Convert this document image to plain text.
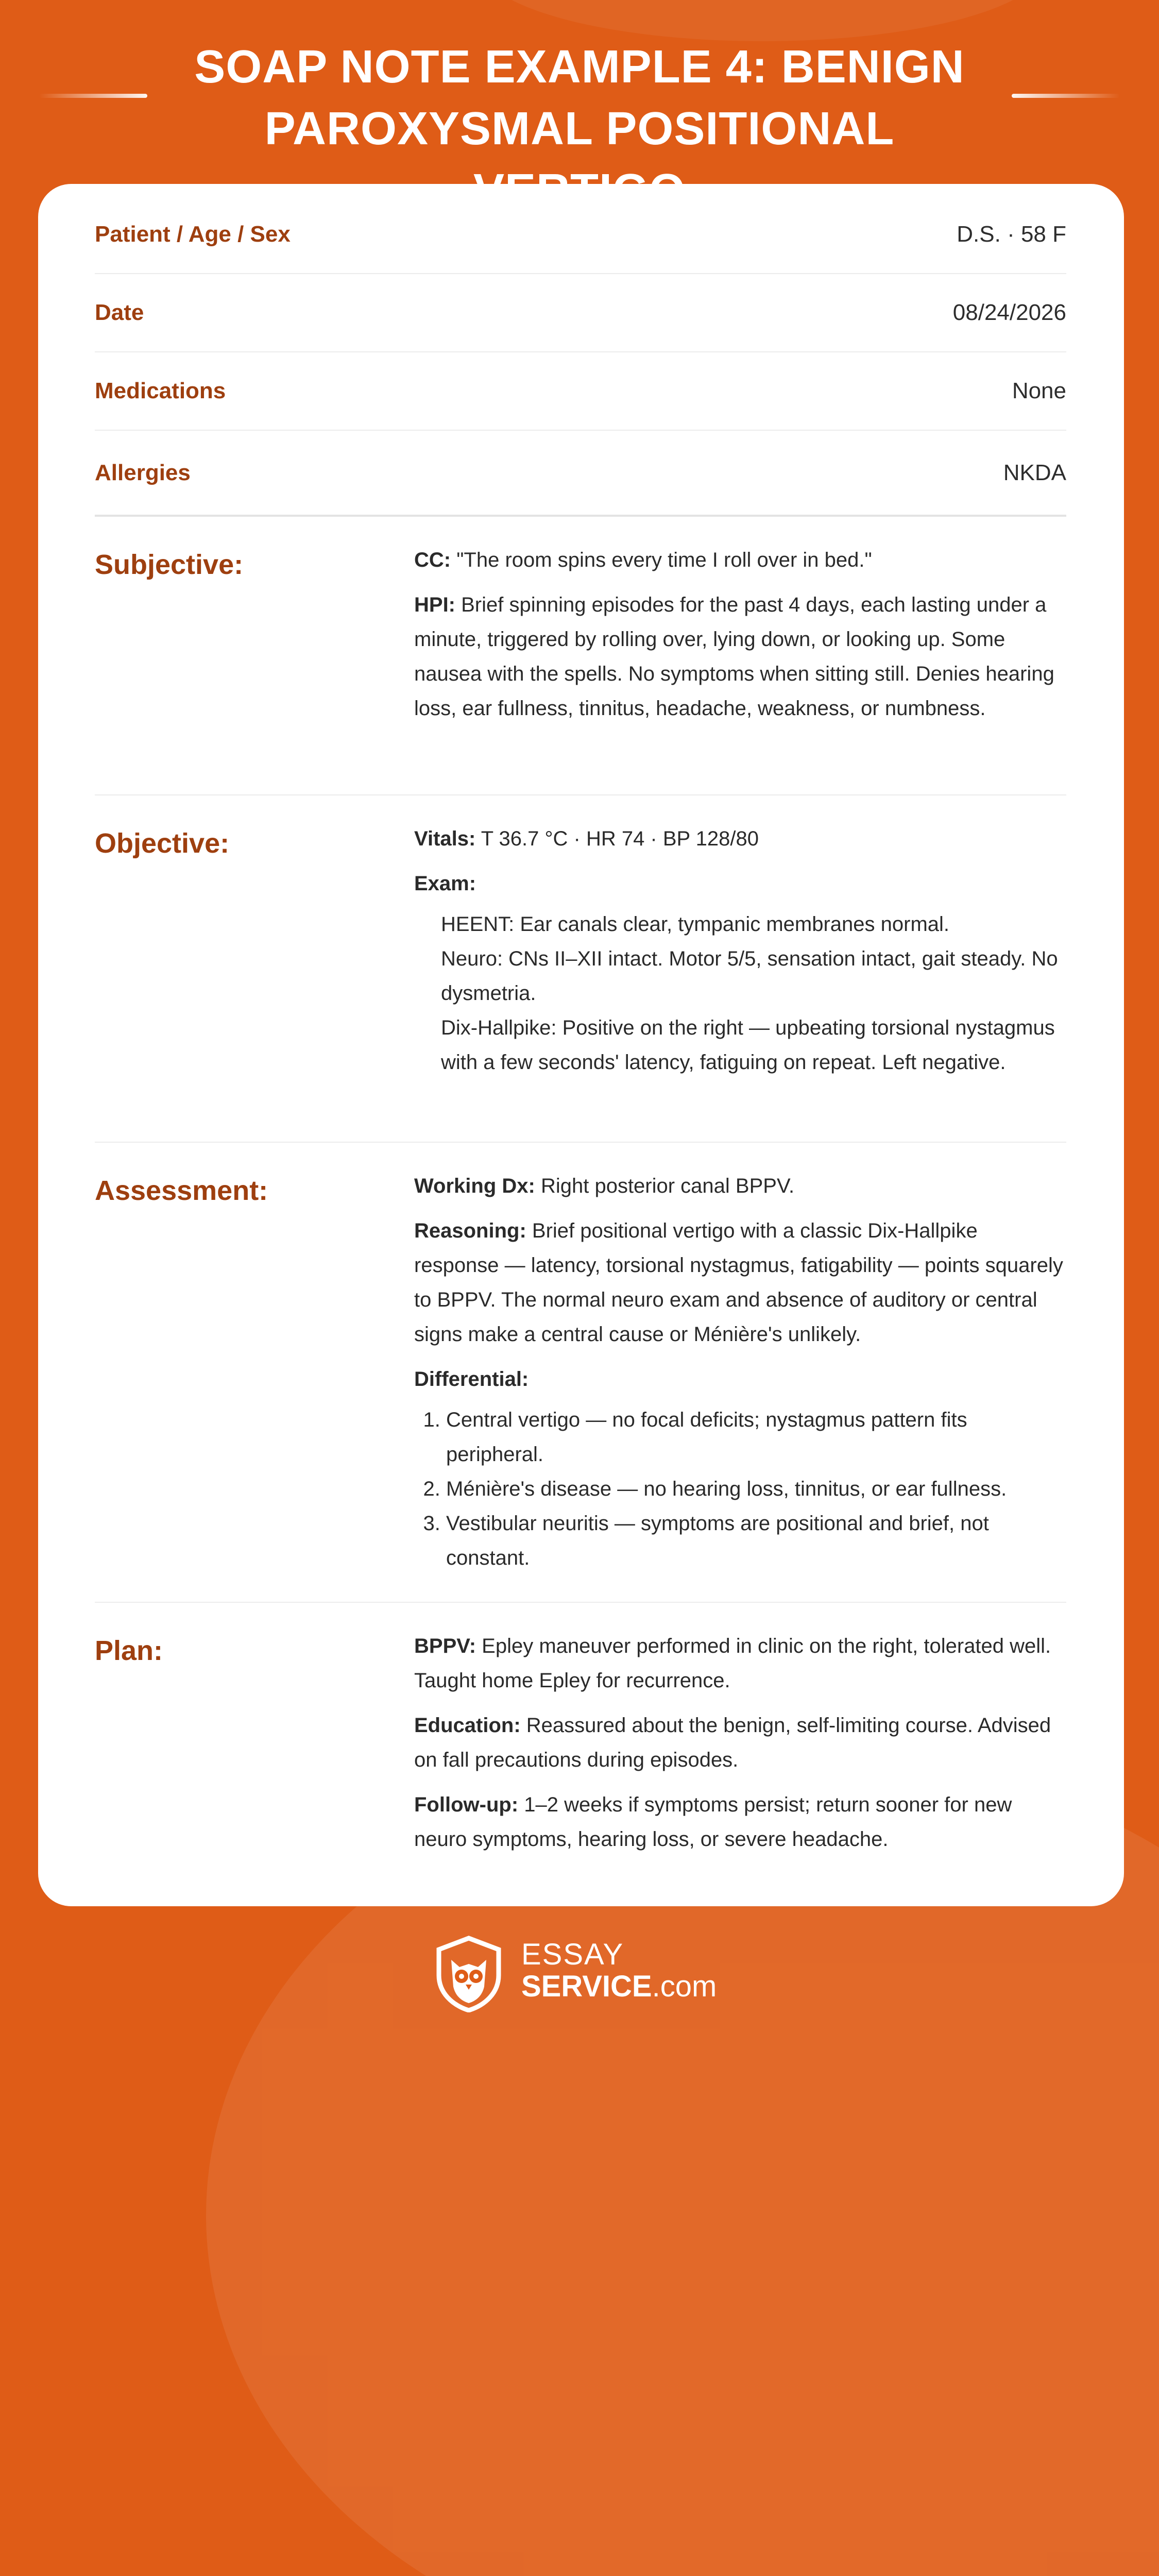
SOAP NOTE EXAMPLE 4: BENIGN PAROXYSMAL POSITIONAL
Patient / Age / Sex	D.S. · 58 F
Date	08/24/2026
Medications	None
Allergies	NKDA
Subjective:	CC: "The room spins every time I roll over in bed."

HPI: Brief spinning episodes for the past 4 days, each lasting under a minute, triggered by rolling over, lying down, or looking up. Some nausea with the spells. No symptoms when sitting still. Denies hearing loss, ear fullness, tinnitus, headache, weakness, or numbness.

Objective:	Vitals: T 36.7 °C · HR 74 · BP 128/80

Exam:

HEENT: Ear canals clear, tympanic membranes normal.
Neuro: CNs II–XII intact. Motor 5/5, sensation intact, gait steady. No dysmetria.
Dix-Hallpike: Positive on the right — upbeating torsional nystagmus with a few seconds' latency, fatiguing on repeat. Left negative.
Assessment:	Working Dx: Right posterior canal BPPV.

Reasoning: Brief positional vertigo with a classic Dix-Hallpike response — latency, torsional nystagmus, fatigability — points squarely to BPPV. The normal neuro exam and absence of auditory or central signs make a central cause or Ménière's unlikely.

Differential:

1. Central vertigo — no focal deficits; nystagmus pattern fits peripheral.
2. Ménière's disease — no hearing loss, tinnitus, or ear fullness.
3. Vestibular neuritis — symptoms are positional and brief, not constant.
Plan:	BPPV: Epley maneuver performed in clinic on the right, tolerated well. Taught home Epley for recurrence.

Education: Reassured about the benign, self-limiting course. Advised on fall precautions during episodes.

Follow-up: 1–2 weeks if symptoms persist; return sooner for new neuro symptoms, hearing loss, or severe headache.

ESSAY
SERVICE.com
